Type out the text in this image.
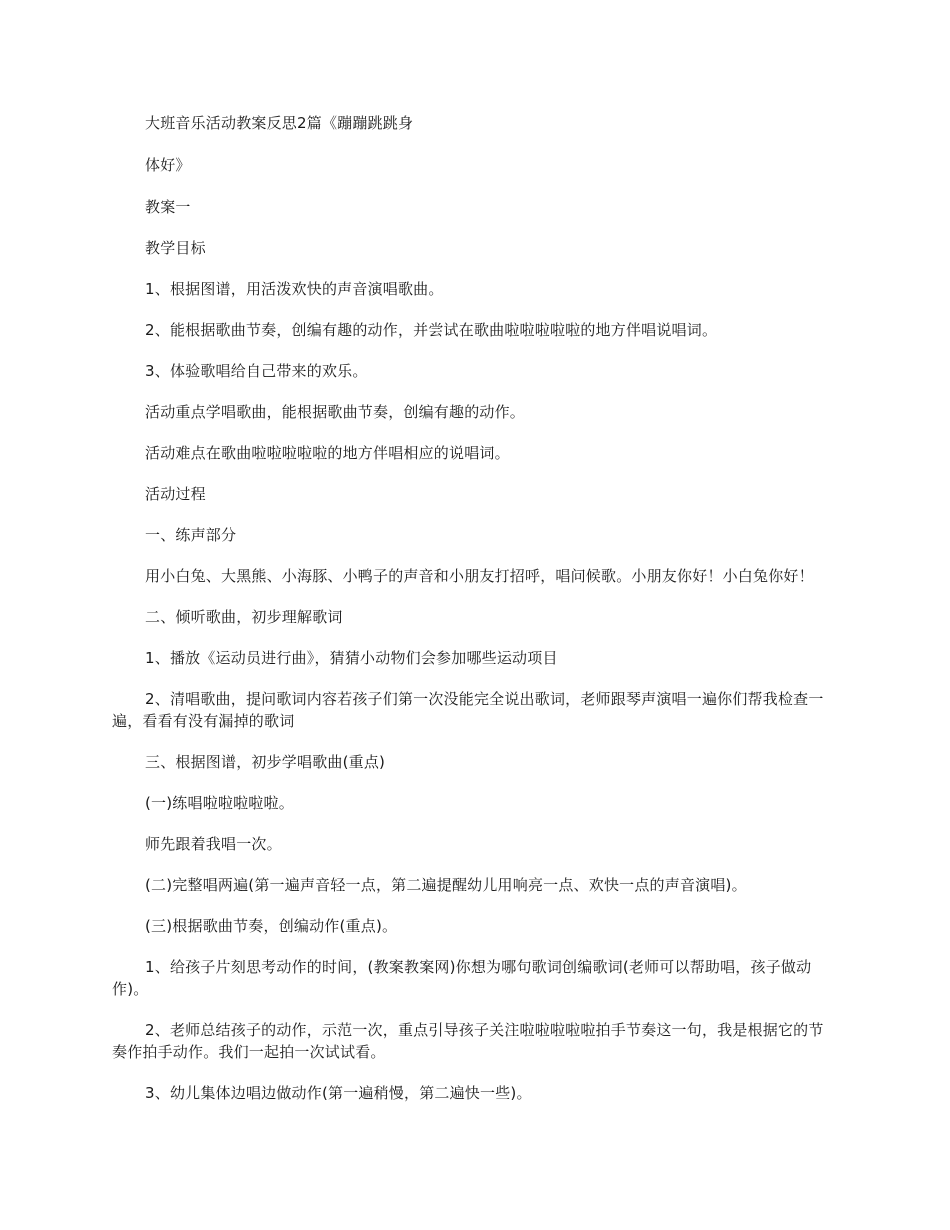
大班音乐活动教案反思2篇《蹦蹦跳跳身

体好》

教案一

教学目标

1、根据图谱，用活泼欢快的声音演唱歌曲。

2、能根据歌曲节奏，创编有趣的动作，并尝试在歌曲啦啦啦啦啦的地方伴唱说唱词。

3、体验歌唱给自己带来的欢乐。

活动重点学唱歌曲，能根据歌曲节奏，创编有趣的动作。

活动难点在歌曲啦啦啦啦啦的地方伴唱相应的说唱词。

活动过程

一、练声部分

用小白兔、大黑熊、小海豚、小鸭子的声音和小朋友打招呼，唱问候歌。小朋友你好！小白兔你好！

二、倾听歌曲，初步理解歌词

1、播放《运动员进行曲》，猜猜小动物们会参加哪些运动项目

2、清唱歌曲，提问歌词内容若孩子们第一次没能完全说出歌词，老师跟琴声演唱一遍你们帮我检查一遍，看看有没有漏掉的歌词

三、根据图谱，初步学唱歌曲(重点)

(一)练唱啦啦啦啦啦。

师先跟着我唱一次。

(二)完整唱两遍(第一遍声音轻一点，第二遍提醒幼儿用响亮一点、欢快一点的声音演唱)。

(三)根据歌曲节奏，创编动作(重点)。

1、给孩子片刻思考动作的时间，(教案教案网)你想为哪句歌词创编歌词(老师可以帮助唱，孩子做动作)。

2、老师总结孩子的动作，示范一次，重点引导孩子关注啦啦啦啦啦拍手节奏这一句，我是根据它的节奏作拍手动作。我们一起拍一次试试看。

3、幼儿集体边唱边做动作(第一遍稍慢，第二遍快一些)。
